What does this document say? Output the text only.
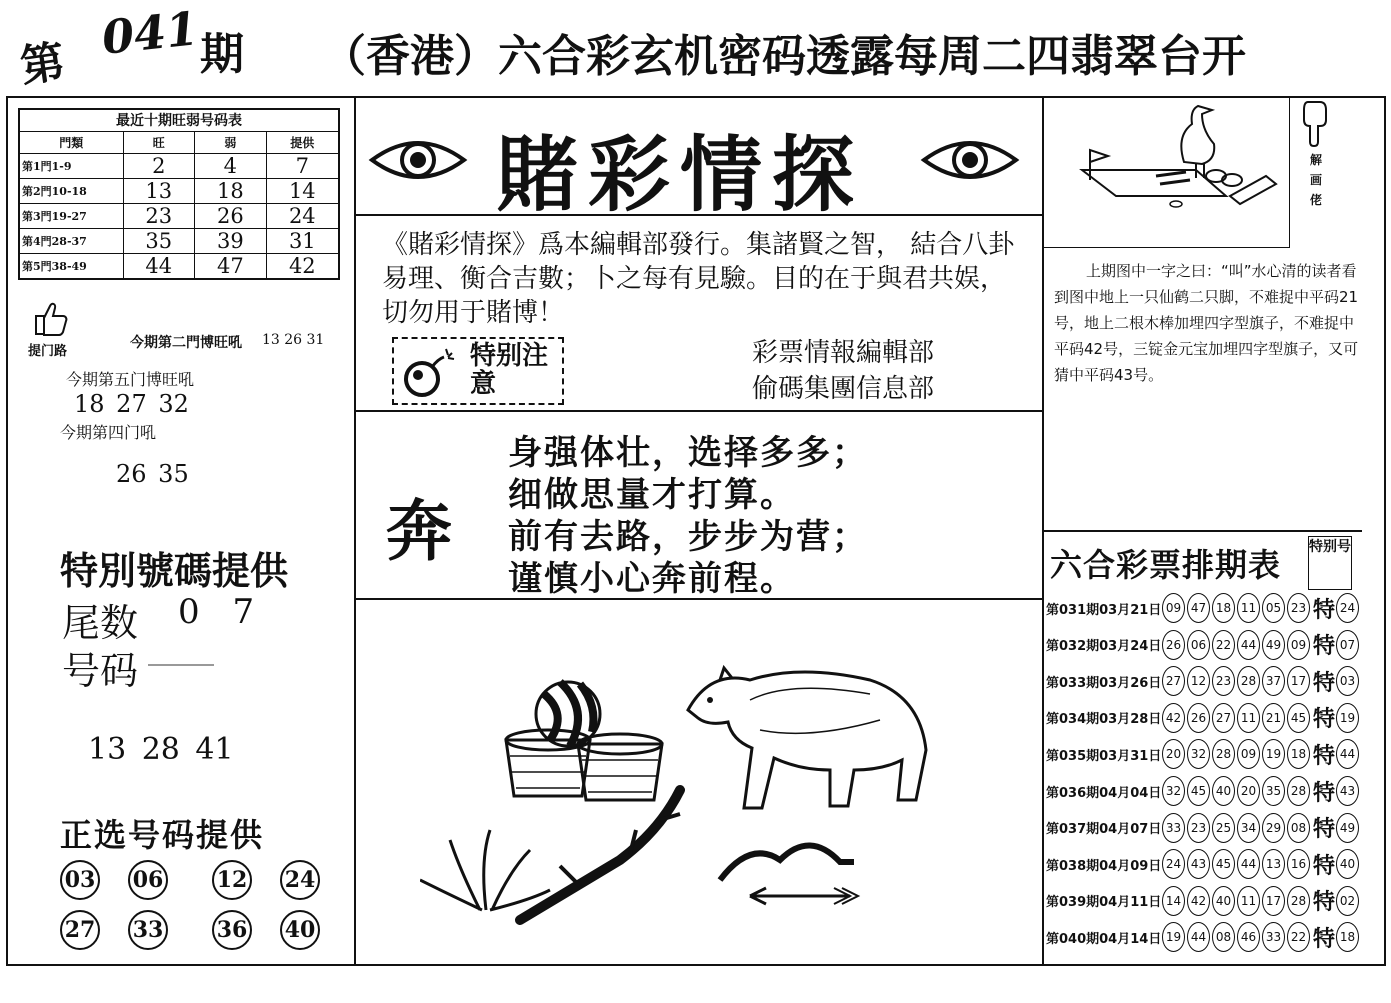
第 041 期 （香港）六合彩玄机密码透露每周二四翡翠台开
最近十期旺弱号码表			
門類	旺	弱	提供
第1門1-9	2	4	7
第2門10-18	13	18	14
第3門19-27	23	26	24
第4門28-37	35	39	31
第5門38-49	44	47	42
提门路
今期第二門博旺吼 13 26 31
今期第五门博旺吼
18 27 32
今期第四门吼
26 35
特別號碼提供
尾数 0 7
号码
13 28 41
正选号码提供
03 06 12 24
27 33 36 40
賭彩情探
《賭彩情探》爲本編輯部發行。集諸賢之智， 結合八卦易理、衡合吉數；卜之每有見驗。目的在于與君共娱，切勿用于賭博！
特别注意
彩票情報編輯部
偷碼集團信息部
奔
身强体壮，选择多多；
细做思量才打算。
前有去路，步步为营；
谨慎小心奔前程。
解画佬
上期图中一字之曰：“叫”水心清的读者看到图中地上一只仙鹤二只脚，不难捉中平码21号，地上二根木棒加埋四字型旗子，不难捉中平码42号，三锭金元宝加埋四字型旗子，又可猜中平码43号。
六合彩票排期表 特别号
第031期03月21日 09 47 18 11 05 23 特 24
第032期03月24日 26 06 22 44 49 09 特 07
第033期03月26日 27 12 23 28 37 17 特 03
第034期03月28日 42 26 27 11 21 45 特 19
第035期03月31日 20 32 28 09 19 18 特 44
第036期04月04日 32 45 40 20 35 28 特 43
第037期04月07日 33 23 25 34 29 08 特 49
第038期04月09日 24 43 45 44 13 16 特 40
第039期04月11日 14 42 40 11 17 28 特 02
第040期04月14日 19 44 08 46 33 22 特 18
